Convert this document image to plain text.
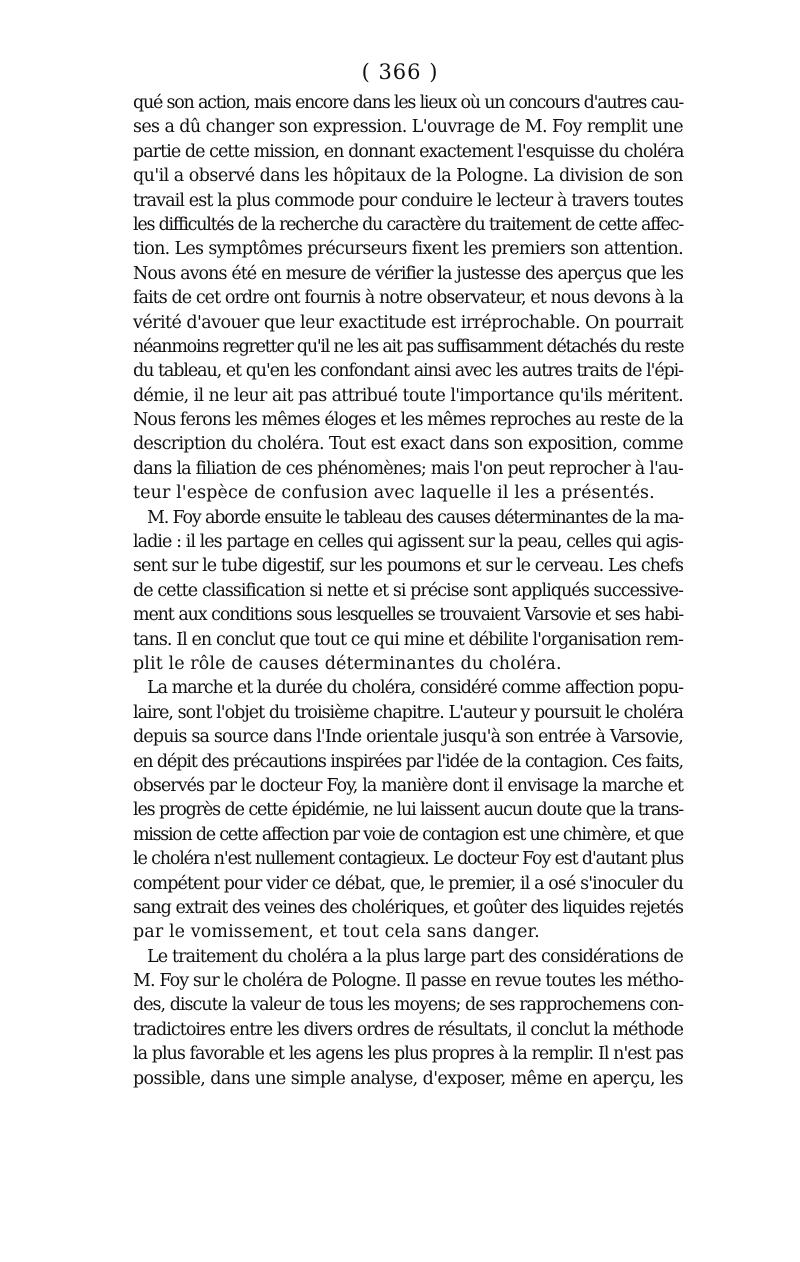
( 366 )
qué son action, mais encore dans les lieux où un concours d'autres cau-
ses a dû changer son expression. L'ouvrage de M. Foy remplit une
partie de cette mission, en donnant exactement l'esquisse du choléra
qu'il a observé dans les hôpitaux de la Pologne. La division de son
travail est la plus commode pour conduire le lecteur à travers toutes
les difficultés de la recherche du caractère du traitement de cette affec-
tion. Les symptômes précurseurs fixent les premiers son attention.
Nous avons été en mesure de vérifier la justesse des aperçus que les
faits de cet ordre ont fournis à notre observateur, et nous devons à la
vérité d'avouer que leur exactitude est irréprochable. On pourrait
néanmoins regretter qu'il ne les ait pas suffisamment détachés du reste
du tableau, et qu'en les confondant ainsi avec les autres traits de l'épi-
démie, il ne leur ait pas attribué toute l'importance qu'ils méritent.
Nous ferons les mêmes éloges et les mêmes reproches au reste de la
description du choléra. Tout est exact dans son exposition, comme
dans la filiation de ces phénomènes; mais l'on peut reprocher à l'au-
teur l'espèce de confusion avec laquelle il les a présentés.
M. Foy aborde ensuite le tableau des causes déterminantes de la ma-
ladie : il les partage en celles qui agissent sur la peau, celles qui agis-
sent sur le tube digestif, sur les poumons et sur le cerveau. Les chefs
de cette classification si nette et si précise sont appliqués successive-
ment aux conditions sous lesquelles se trouvaient Varsovie et ses habi-
tans. Il en conclut que tout ce qui mine et débilite l'organisation rem-
plit le rôle de causes déterminantes du choléra.
La marche et la durée du choléra, considéré comme affection popu-
laire, sont l'objet du troisième chapitre. L'auteur y poursuit le choléra
depuis sa source dans l'Inde orientale jusqu'à son entrée à Varsovie,
en dépit des précautions inspirées par l'idée de la contagion. Ces faits,
observés par le docteur Foy, la manière dont il envisage la marche et
les progrès de cette épidémie, ne lui laissent aucun doute que la trans-
mission de cette affection par voie de contagion est une chimère, et que
le choléra n'est nullement contagieux. Le docteur Foy est d'autant plus
compétent pour vider ce débat, que, le premier, il a osé s'inoculer du
sang extrait des veines des cholériques, et goûter des liquides rejetés
par le vomissement, et tout cela sans danger.
Le traitement du choléra a la plus large part des considérations de
M. Foy sur le choléra de Pologne. Il passe en revue toutes les métho-
des, discute la valeur de tous les moyens; de ses rapprochemens con-
tradictoires entre les divers ordres de résultats, il conclut la méthode
la plus favorable et les agens les plus propres à la remplir. Il n'est pas
possible, dans une simple analyse, d'exposer, même en aperçu, les
